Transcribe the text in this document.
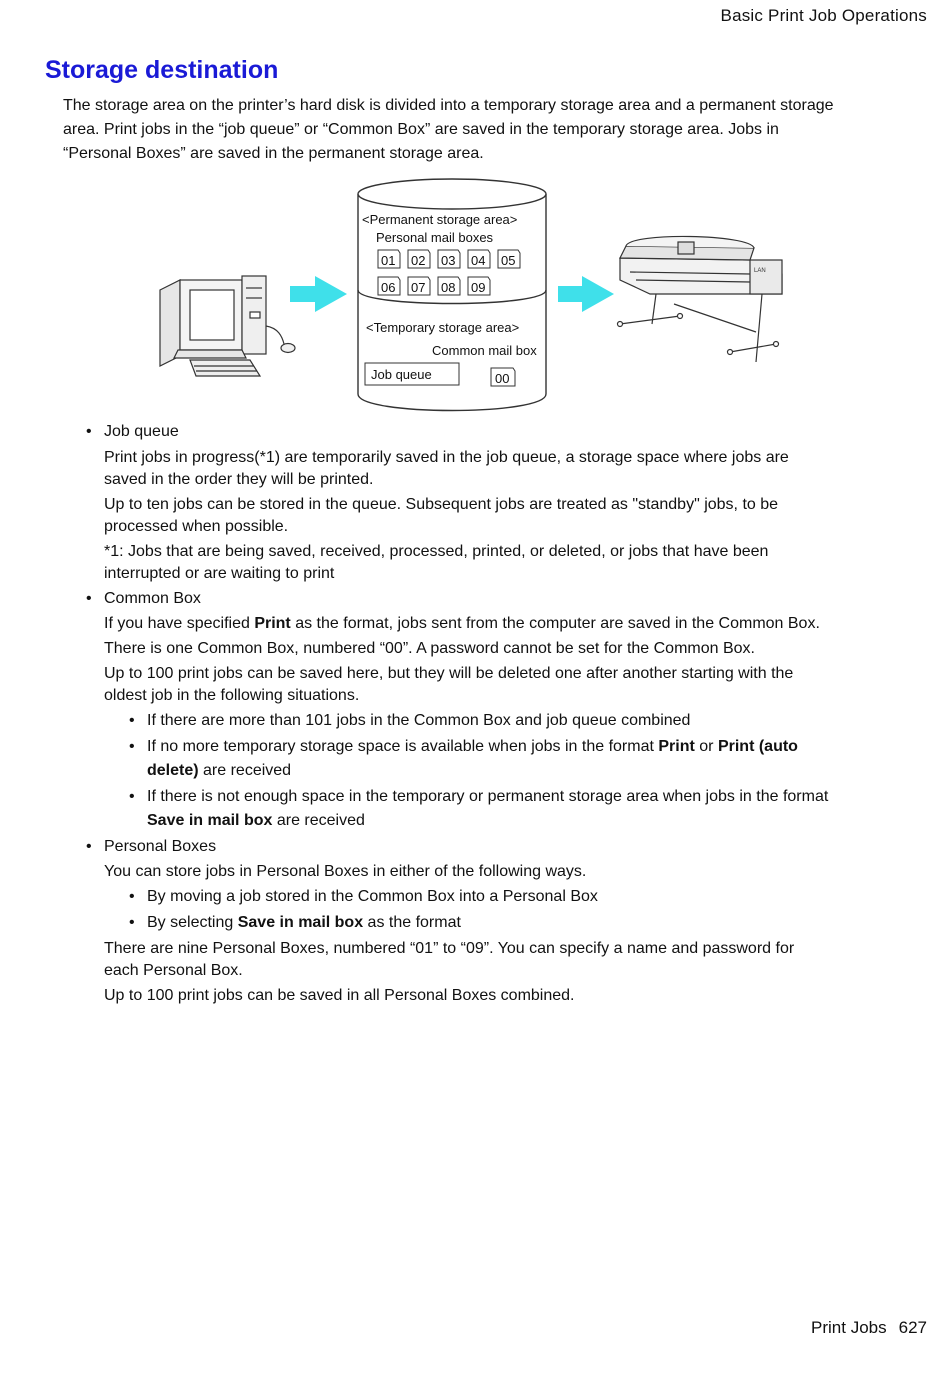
Basic Print Job Operations
Storage destination

The storage area on the printer’s hard disk is divided into a temporary storage area and a permanent storage
area. Print jobs in the “job queue” or “Common Box” are saved in the temporary storage area. Jobs in
“Personal Boxes” are saved in the permanent storage area.

<Permanent storage area>
Personal mail boxes
01 02 03 04 05
06 07 08 09
<Temporary storage area>
Common mail box
Job queue	00
LAN
• Job queue
Print jobs in progress(*1) are temporarily saved in the job queue, a storage space where jobs are
saved in the order they will be printed.
Up to ten jobs can be stored in the queue. Subsequent jobs are treated as "standby" jobs, to be
processed when possible.
*1: Jobs that are being saved, received, processed, printed, or deleted, or jobs that have been
interrupted or are waiting to print
• Common Box
If you have specified Print as the format, jobs sent from the computer are saved in the Common Box.
There is one Common Box, numbered “00”. A password cannot be set for the Common Box.
Up to 100 print jobs can be saved here, but they will be deleted one after another starting with the
oldest job in the following situations.
• If there are more than 101 jobs in the Common Box and job queue combined
• If no more temporary storage space is available when jobs in the format Print or Print (auto
delete) are received
• If there is not enough space in the temporary or permanent storage area when jobs in the format
Save in mail box are received
• Personal Boxes
You can store jobs in Personal Boxes in either of the following ways.
• By moving a job stored in the Common Box into a Personal Box
• By selecting Save in mail box as the format
There are nine Personal Boxes, numbered “01” to “09”. You can specify a name and password for
each Personal Box.
Up to 100 print jobs can be saved in all Personal Boxes combined.
Print Jobs 627
